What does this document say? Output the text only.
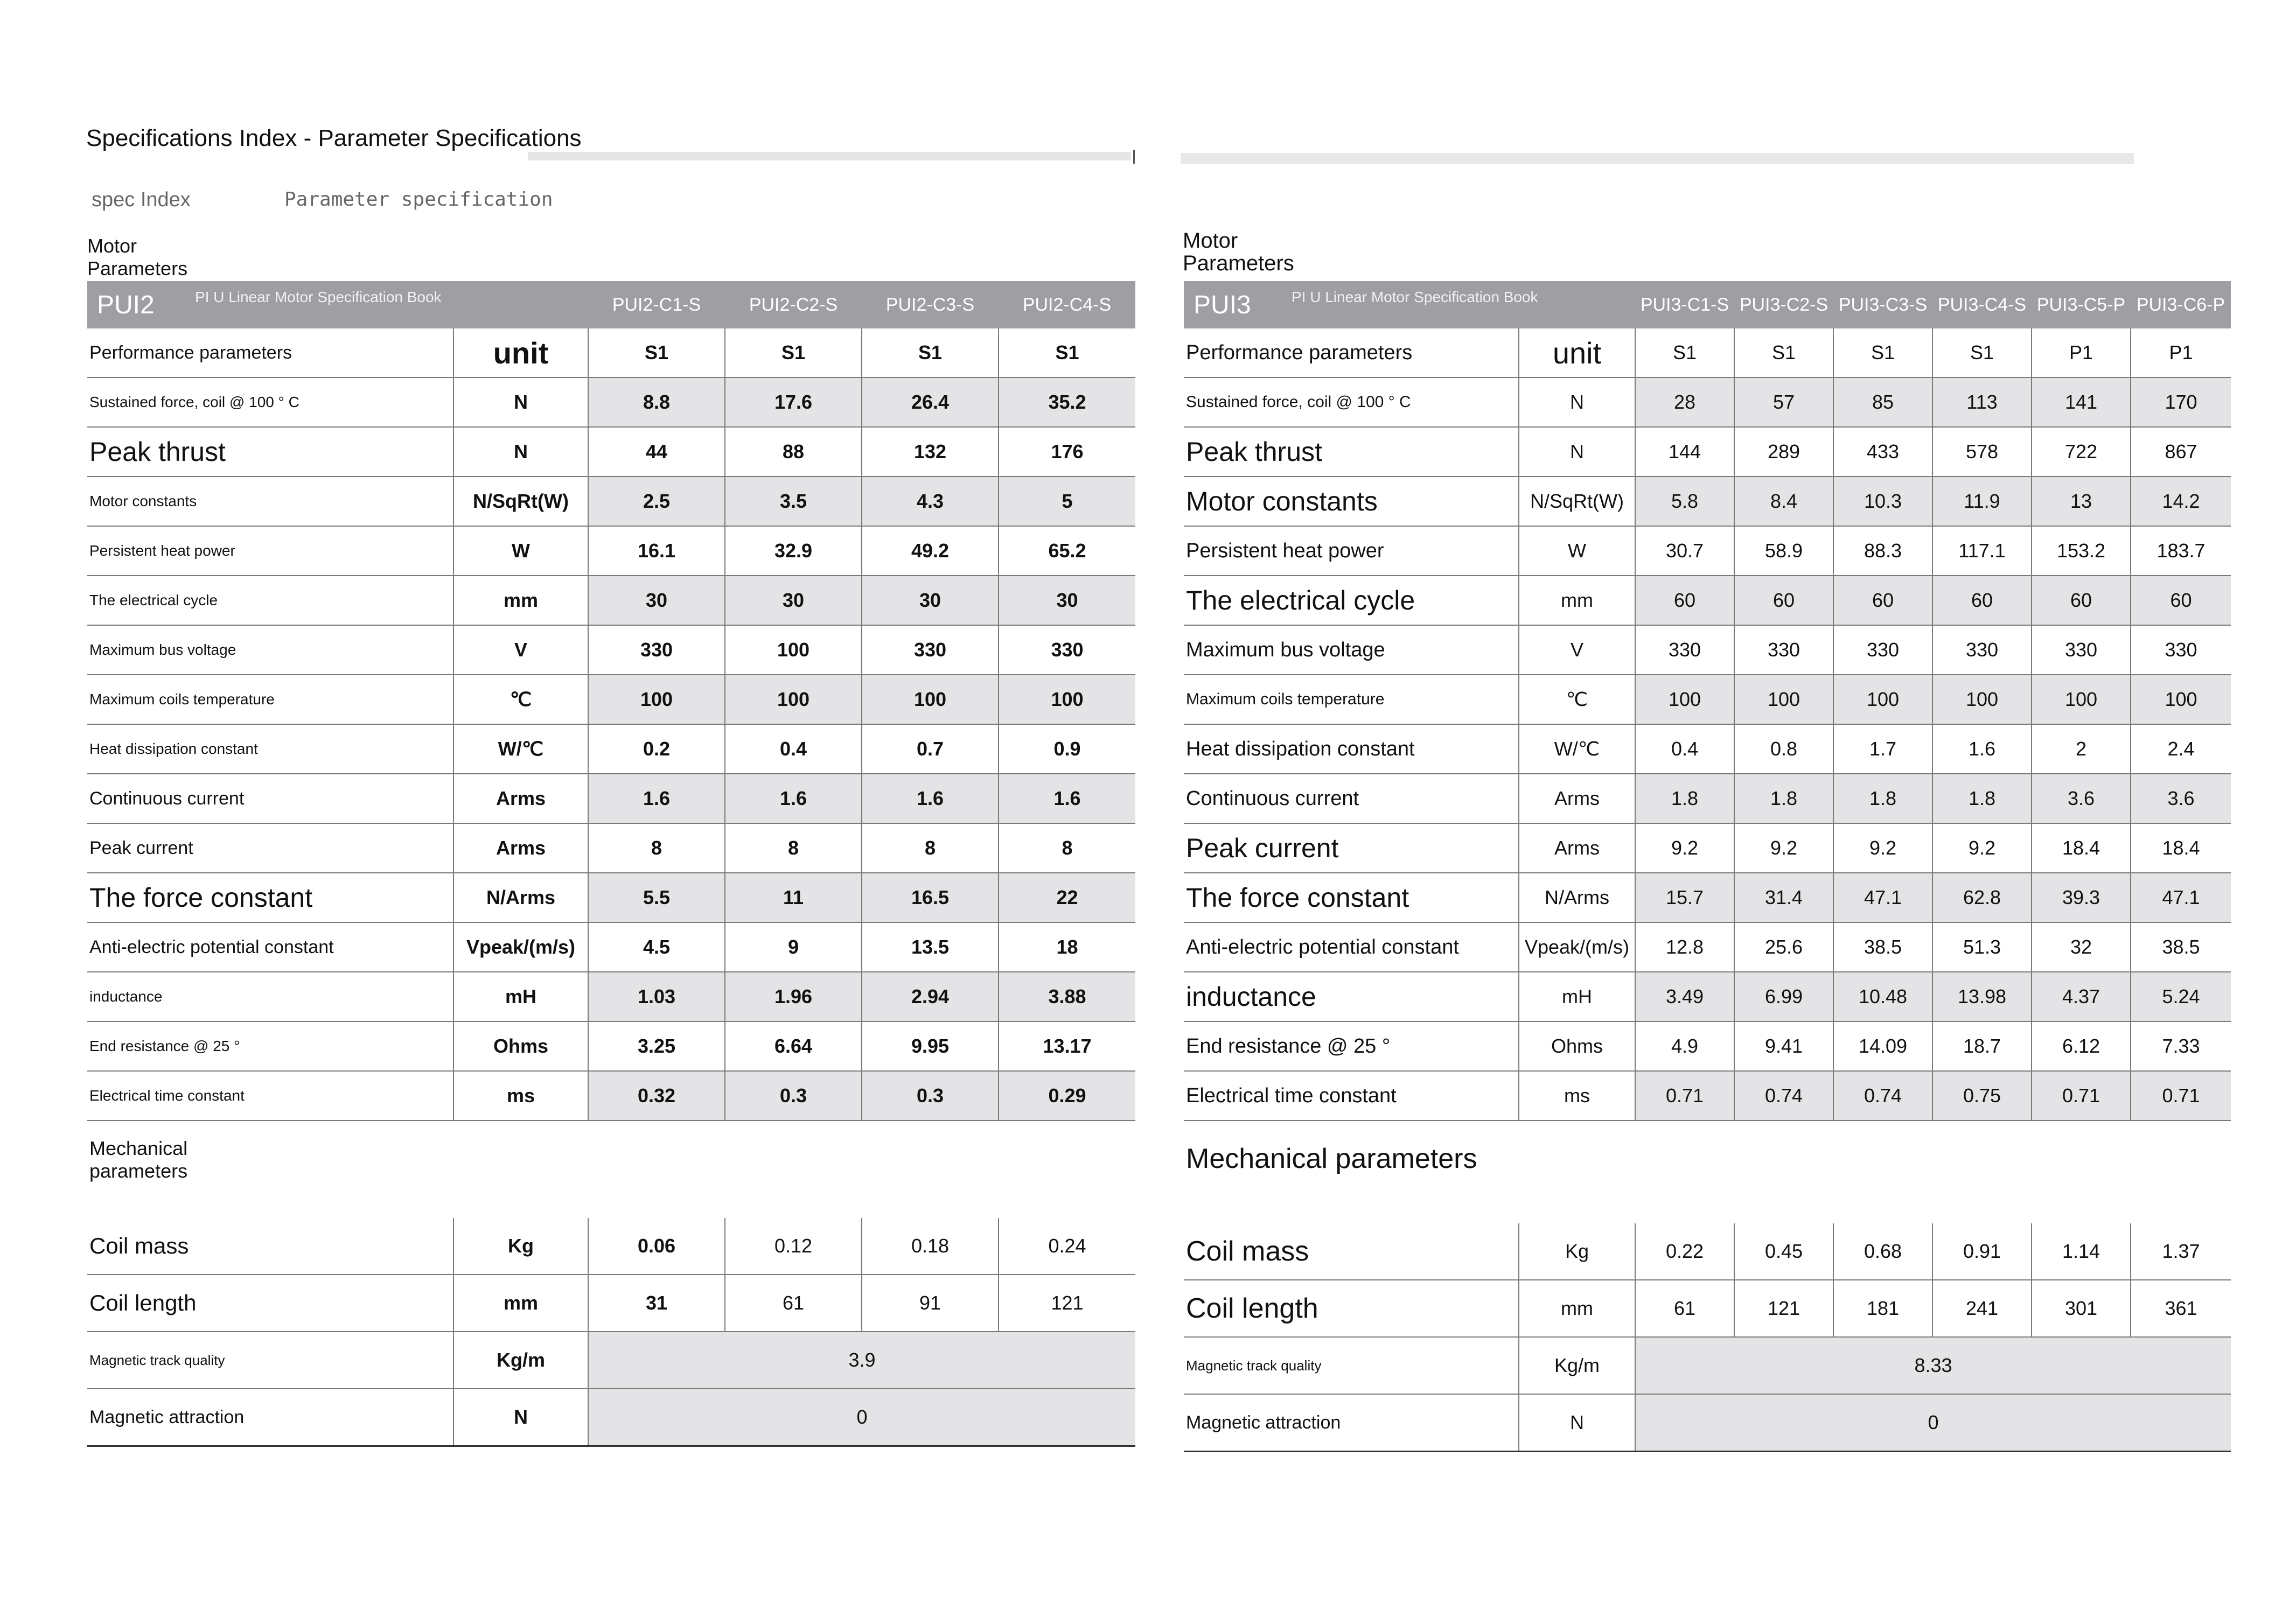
Specifications Index - Parameter Specifications
spec Index	Parameter specification
Motor
Parameters
Motor
Parameters
PUI2 PI U Linear Motor Specification Book		PUI2-C1-S	PUI2-C2-S	PUI2-C3-S	PUI2-C4-S
Performance parameters	unit	S1	S1	S1	S1
Sustained force, coil @ 100 ° C	N	8.8	17.6	26.4	35.2
Peak thrust	N	44	88	132	176
Motor constants	N/SqRt(W)	2.5	3.5	4.3	5
Persistent heat power	W	16.1	32.9	49.2	65.2
The electrical cycle	mm	30	30	30	30
Maximum bus voltage	V	330	100	330	330
Maximum coils temperature	℃	100	100	100	100
Heat dissipation constant	W/℃	0.2	0.4	0.7	0.9
Continuous current	Arms	1.6	1.6	1.6	1.6
Peak current	Arms	8	8	8	8
The force constant	N/Arms	5.5	11	16.5	22
Anti-electric potential constant	Vpeak/(m/s)	4.5	9	13.5	18
inductance	mH	1.03	1.96	2.94	3.88
End resistance @ 25 °	Ohms	3.25	6.64	9.95	13.17
Electrical time constant	ms	0.32	0.3	0.3	0.29
Mechanical
parameters					
Coil mass	Kg	0.06	0.12	0.18	0.24
Coil length	mm	31	61	91	121
Magnetic track quality	Kg/m	3.9			
Magnetic attraction	N	0			
PUI3 PI U Linear Motor Specification Book		PUI3-C1-S	PUI3-C2-S	PUI3-C3-S	PUI3-C4-S	PUI3-C5-P	PUI3-C6-P
Performance parameters	unit	S1	S1	S1	S1	P1	P1
Sustained force, coil @ 100 ° C	N	28	57	85	113	141	170
Peak thrust	N	144	289	433	578	722	867
Motor constants	N/SqRt(W)	5.8	8.4	10.3	11.9	13	14.2
Persistent heat power	W	30.7	58.9	88.3	117.1	153.2	183.7
The electrical cycle	mm	60	60	60	60	60	60
Maximum bus voltage	V	330	330	330	330	330	330
Maximum coils temperature	℃	100	100	100	100	100	100
Heat dissipation constant	W/℃	0.4	0.8	1.7	1.6	2	2.4
Continuous current	Arms	1.8	1.8	1.8	1.8	3.6	3.6
Peak current	Arms	9.2	9.2	9.2	9.2	18.4	18.4
The force constant	N/Arms	15.7	31.4	47.1	62.8	39.3	47.1
Anti-electric potential constant	Vpeak/(m/s)	12.8	25.6	38.5	51.3	32	38.5
inductance	mH	3.49	6.99	10.48	13.98	4.37	5.24
End resistance @ 25 °	Ohms	4.9	9.41	14.09	18.7	6.12	7.33
Electrical time constant	ms	0.71	0.74	0.74	0.75	0.71	0.71
Mechanical parameters							
Coil mass	Kg	0.22	0.45	0.68	0.91	1.14	1.37
Coil length	mm	61	121	181	241	301	361
Magnetic track quality	Kg/m	8.33					
Magnetic attraction	N	0					
